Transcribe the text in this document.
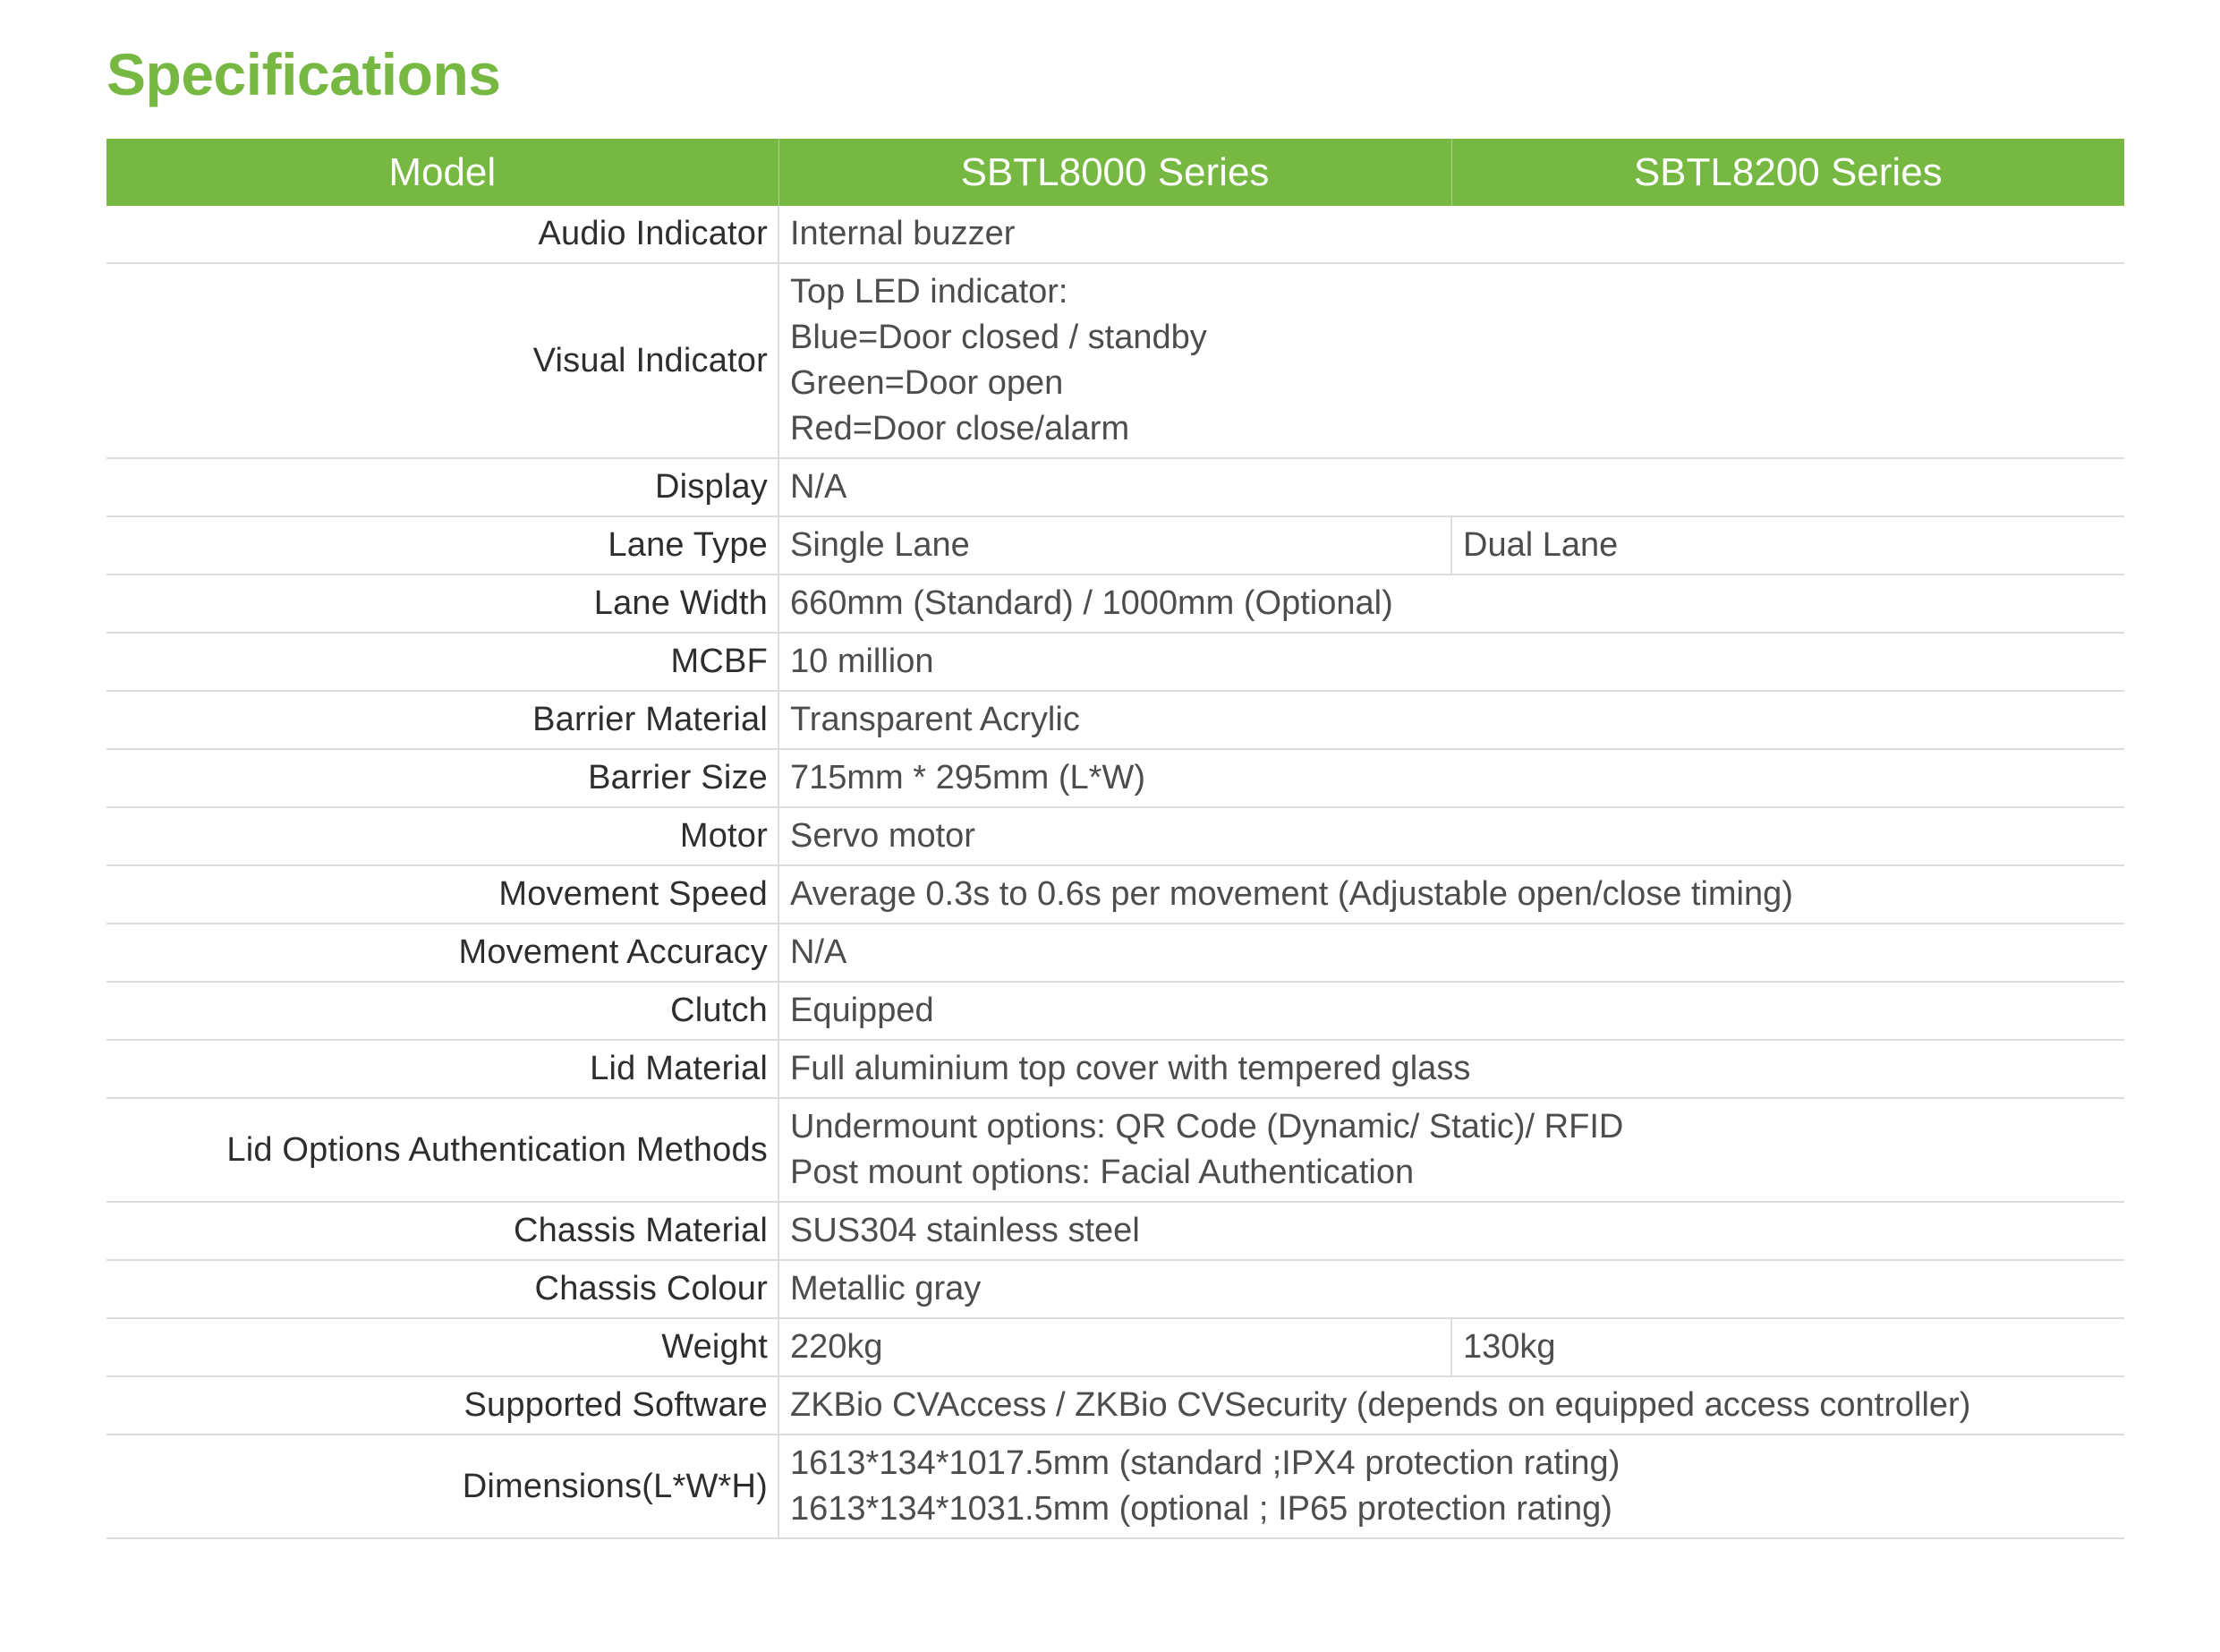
Specifications
Model	SBTL8000 Series	SBTL8200 Series
Audio Indicator	Internal buzzer	
Visual Indicator	Top LED indicator:
Blue=Door closed / standby
Green=Door open
Red=Door close/alarm	

Display	N/A	
Lane Type	Single Lane	Dual Lane
Lane Width	660mm (Standard) / 1000mm (Optional)	
MCBF	10 million	
Barrier Material	Transparent Acrylic	
Barrier Size	715mm * 295mm (L*W)	
Motor	Servo motor	
Movement Speed	Average 0.3s to 0.6s per movement (Adjustable open/close timing)	
Movement Accuracy	N/A	
Clutch	Equipped	
Lid Material	Full aluminium top cover with tempered glass	
Lid Options Authentication Methods	Undermount options: QR Code (Dynamic/ Static)/ RFID
Post mount options: Facial Authentication	

Chassis Material	SUS304 stainless steel	
Chassis Colour	Metallic gray	
Weight	220kg	130kg
Supported Software	ZKBio CVAccess / ZKBio CVSecurity (depends on equipped access controller)	
Dimensions(L*W*H)	1613*134*1017.5mm (standard ;IPX4 protection rating)
1613*134*1031.5mm (optional ; IP65 protection rating)	
